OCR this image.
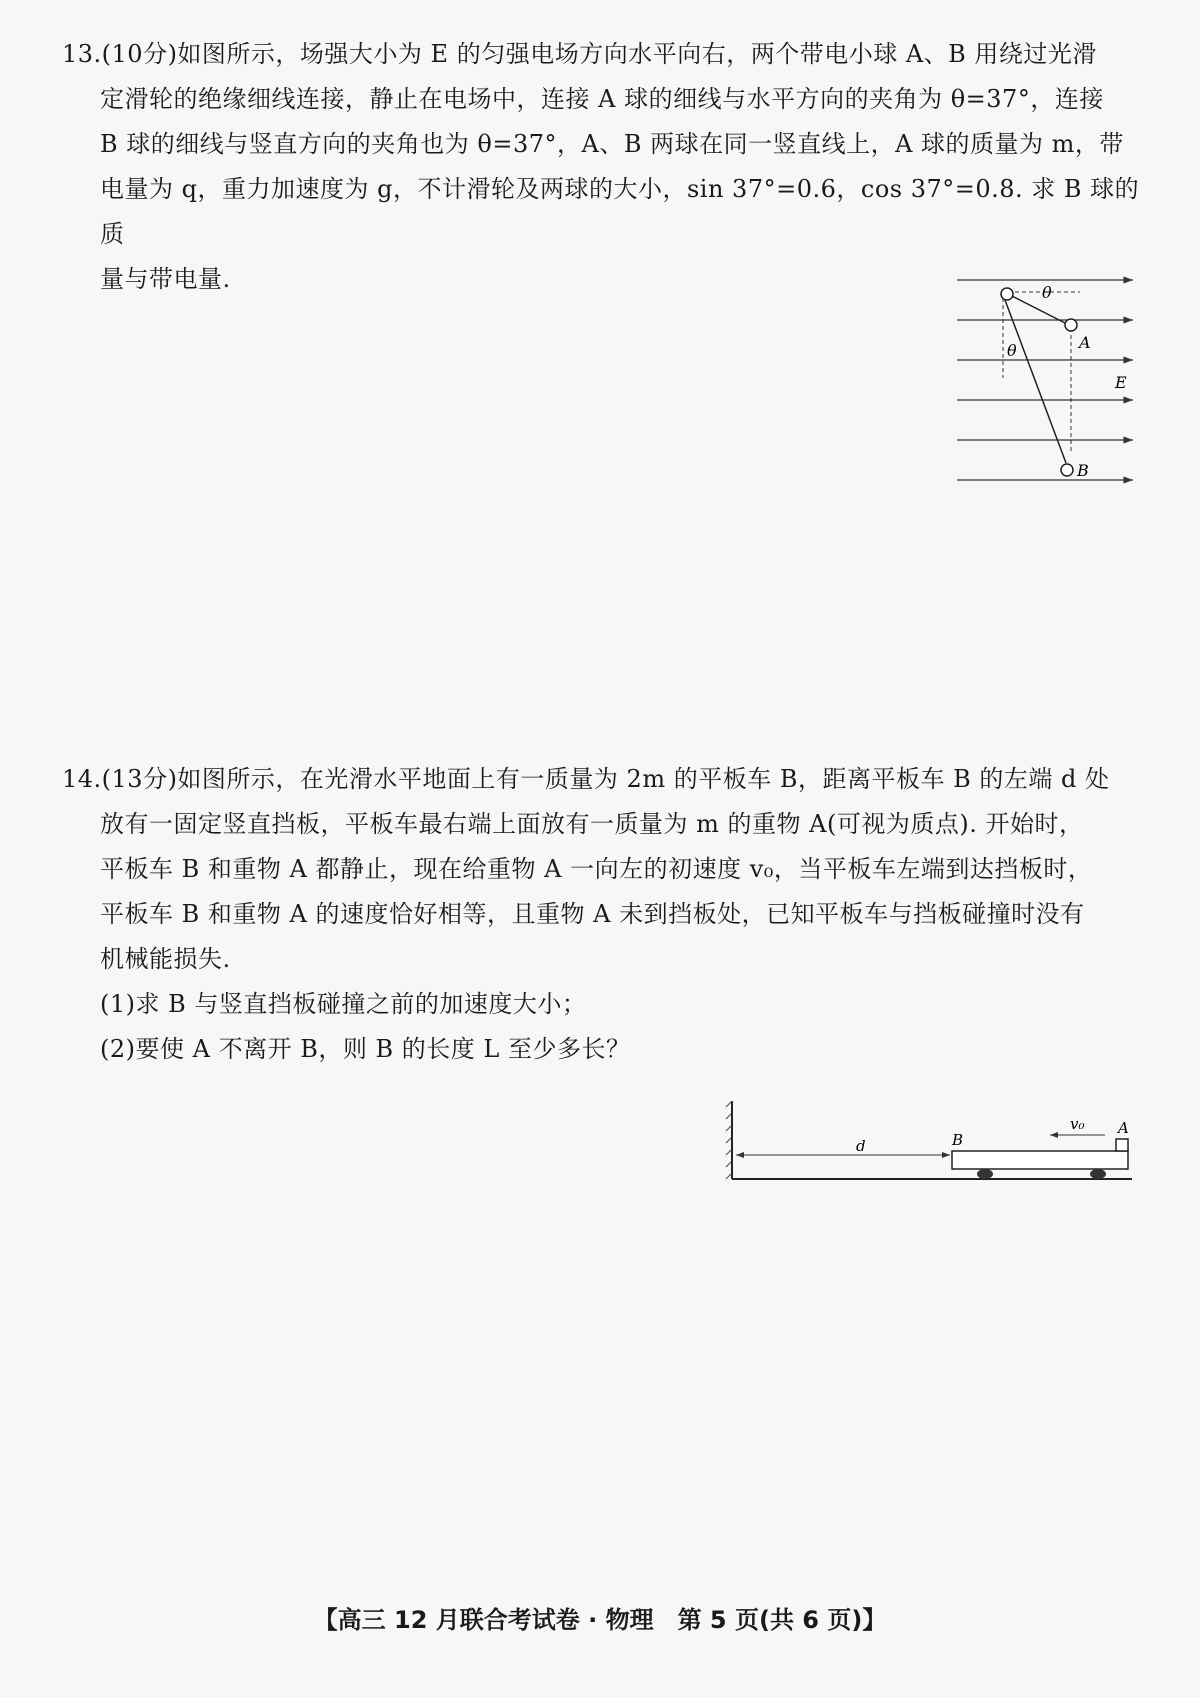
13.(10分)如图所示，场强大小为 E 的匀强电场方向水平向右，两个带电小球 A、B 用绕过光滑

定滑轮的绝缘细线连接，静止在电场中，连接 A 球的细线与水平方向的夹角为 θ=37°，连接

B 球的细线与竖直方向的夹角也为 θ=37°，A、B 两球在同一竖直线上，A 球的质量为 m，带

电量为 q，重力加速度为 g，不计滑轮及两球的大小，sin 37°=0.6，cos 37°=0.8. 求 B 球的质

量与带电量.	θ
θ	A
E
B

14.(13分)如图所示，在光滑水平地面上有一质量为 2m 的平板车 B，距离平板车 B 的左端 d 处

放有一固定竖直挡板，平板车最右端上面放有一质量为 m 的重物 A(可视为质点). 开始时，

平板车 B 和重物 A 都静止，现在给重物 A 一向左的初速度 v₀，当平板车左端到达挡板时，

平板车 B 和重物 A 的速度恰好相等，且重物 A 未到挡板处，已知平板车与挡板碰撞时没有

机械能损失.

(1)求 B 与竖直挡板碰撞之前的加速度大小；

(2)要使 A 不离开 B，则 B 的长度 L 至少多长？

v₀ A
B
d
【高三 12 月联合考试卷 · 物理　第 5 页(共 6 页)】
